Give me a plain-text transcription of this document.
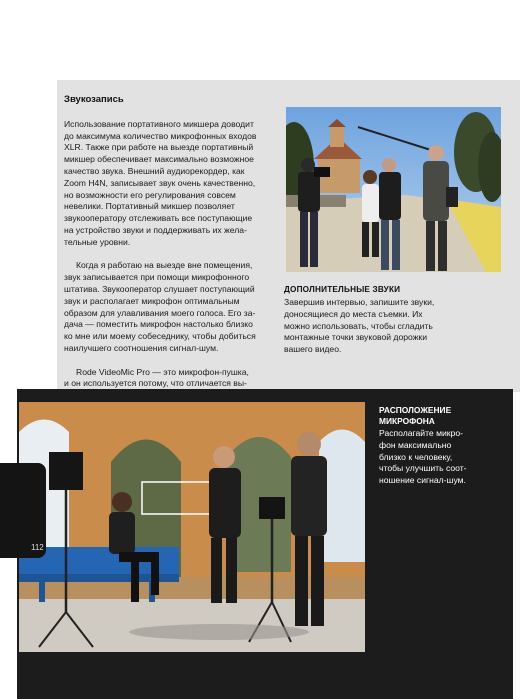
Звукозапись

Использование портативного микшера доводит
до максимума количество микрофонных входов
XLR. Также при работе на выезде портативный
микшер обеспечивает максимально возможное
качество звука. Внешний аудиорекордер, как
Zoom H4N, записывает звук очень качественно,
но возможности его регулирования совсем
невелики. Портативный микшер позволяет
звукооператору отслеживать все поступающие
на устройство звуки и поддерживать их жела-
тельные уровни.

Когда я работаю на выезде вне помещения,
звук записывается при помощи микрофонного
штатива. Звукооператор слушает поступающий
звук и располагает микрофон оптимальным
образом для улавливания моего голоса. Его за-
дача — поместить микрофон настолько близко
ко мне или моему собеседнику, чтобы добиться
наилучшего соотношения сигнал-шум.

Rode VideoMic Pro — это микрофон-пушка,
и он используется потому, что отличается вы-

ДОПОЛНИТЕЛЬНЫЕ ЗВУКИ
Завершив интервью, запишите звуки,
доносящиеся до места съемки. Их
можно использовать, чтобы сгладить
монтажные точки звуковой дорожки
вашего видео.
РАСПОЛОЖЕНИЕ
МИКРОФОНА
Располагайте микро-
фон максимально
близко к человеку,
чтобы улучшить соот-
ношение сигнал-шум.
112
